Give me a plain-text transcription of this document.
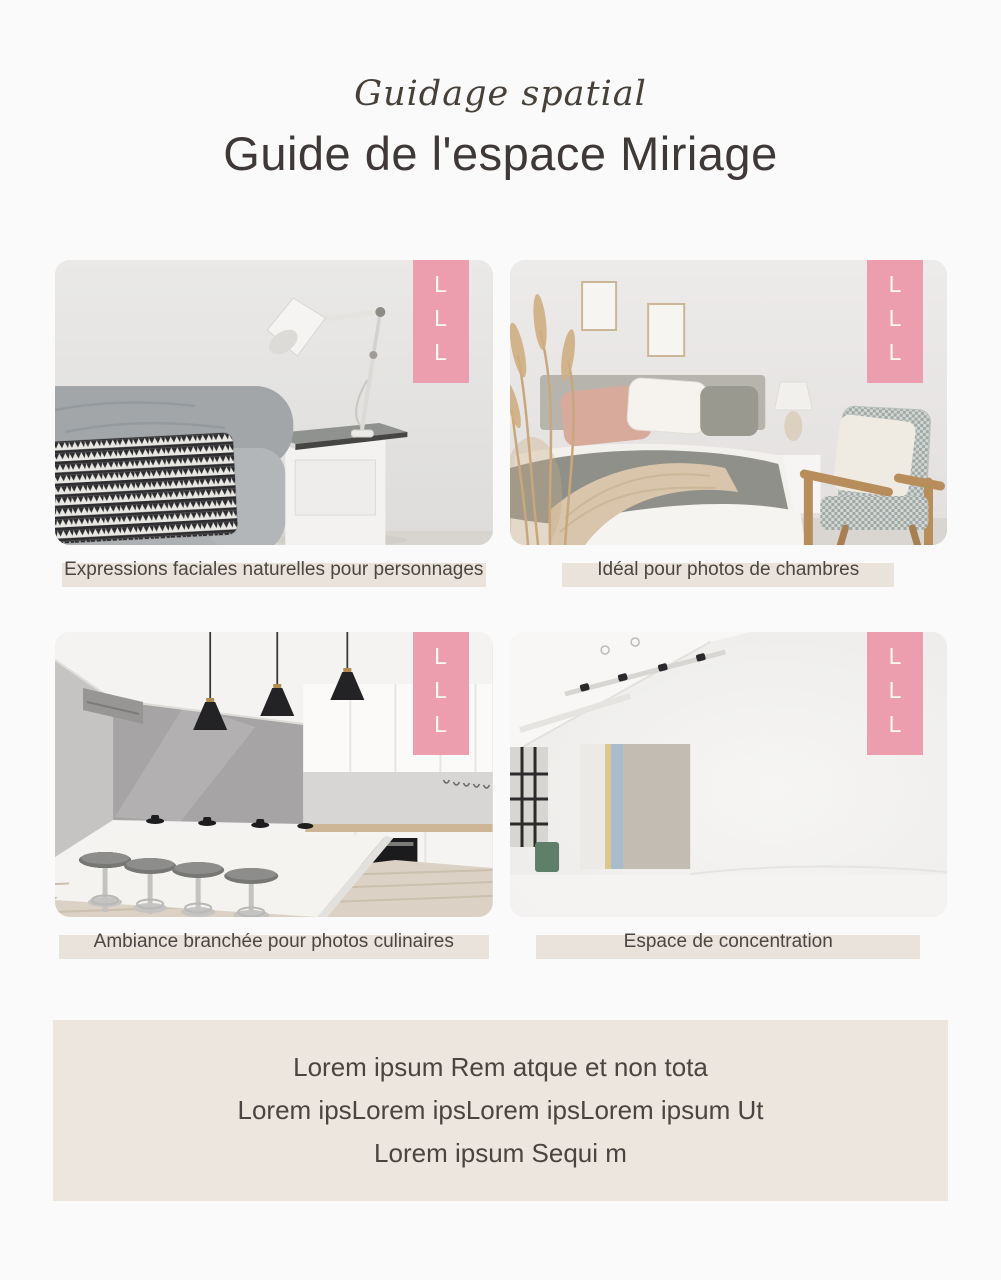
Guidage spatial
Guide de l'espace Miriage
L
L
L
Expressions faciales naturelles pour personnages
L
L
L
Idéal pour photos de chambres
L
L
L
Ambiance branchée pour photos culinaires
L
L
L
Espace de concentration

Lorem ipsum Rem atque et non tota

Lorem ipsLorem ipsLorem ipsLorem ipsum Ut

Lorem ipsum Sequi m
